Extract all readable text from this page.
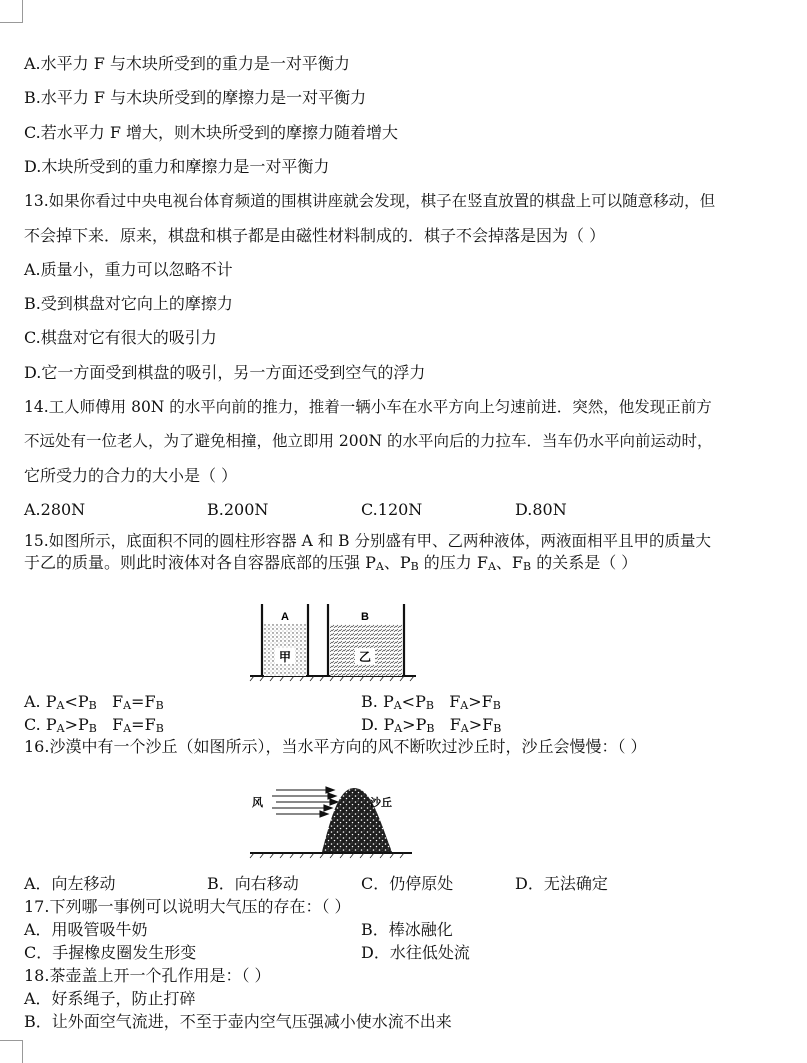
A.水平力 F 与木块所受到的重力是一对平衡力
B.水平力 F 与木块所受到的摩擦力是一对平衡力
C.若水平力 F 增大，则木块所受到的摩擦力随着增大
D.木块所受到的重力和摩擦力是一对平衡力
13.如果你看过中央电视台体育频道的围棋讲座就会发现，棋子在竖直放置的棋盘上可以随意移动，但
不会掉下来．原来，棋盘和棋子都是由磁性材料制成的．棋子不会掉落是因为（ ）
A.质量小，重力可以忽略不计
B.受到棋盘对它向上的摩擦力
C.棋盘对它有很大的吸引力
D.它一方面受到棋盘的吸引，另一方面还受到空气的浮力
14.工人师傅用 80N 的水平向前的推力，推着一辆小车在水平方向上匀速前进．突然，他发现正前方
不远处有一位老人，为了避免相撞，他立即用 200N 的水平向后的力拉车．当车仍水平向前运动时，
它所受力的合力的大小是（ ）
A.280N	B.200N	C.120N	D.80N
15.如图所示，底面积不同的圆柱形容器 A 和 B 分别盛有甲、乙两种液体，两液面相平且甲的质量大
于乙的质量。则此时液体对各自容器底部的压强 $P_A$、$P_B$ 的压力 $F_A$、$F_B$ 的关系是（ ）
A	B
甲	乙
A. $P_A<P_B$ $F_A=F_B$	B. $P_A<P_B$ $F_A>F_B$
C. $P_A>P_B$ $F_A=F_B$	D. $P_A>P_B$ $F_A>F_B$
16.沙漠中有一个沙丘（如图所示），当水平方向的风不断吹过沙丘时，沙丘会慢慢：（ ）
风	沙丘
A．向左移动	B．向右移动	C．仍停原处	D．无法确定
17.下列哪一事例可以说明大气压的存在：（ ）
A．用吸管吸牛奶	B．棒冰融化
C．手握橡皮圈发生形变	D．水往低处流
18.茶壶盖上开一个孔作用是：（ ）
A．好系绳子，防止打碎
B．让外面空气流进，不至于壶内空气压强减小使水流不出来
